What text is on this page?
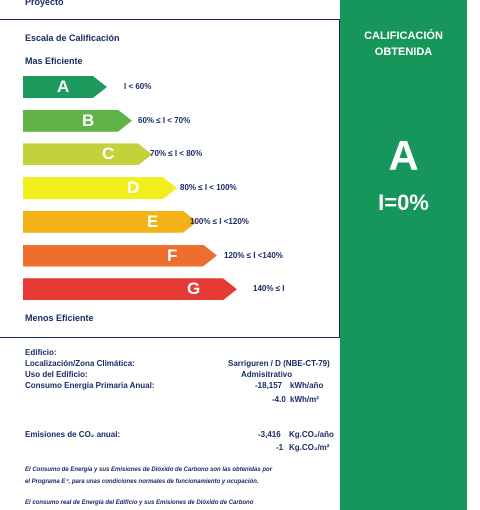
Proyecto
Escala de Calificación
Mas Eficiente
A	I < 60%
B	60% ≤ I < 70%
C	70% ≤ I < 80%
D	80% ≤ I < 100%
E	100% ≤ I <120%
F	120% ≤ I <140%
G	140% ≤ I
Menos Eficiente
CALIFICACIÓN
OBTENIDA
A
I=0%
Edificio:
Localización/Zona Climática:	Sarriguren / D (NBE-CT-79)
Uso del Edificio:	Admisitrativo
Consumo Energía Primaria Anual:	-18,157 kWh/año
-4.0 kWh/m²
Emisiones de CO₂ anual:	-3,416 Kg.CO₂/año
-1 Kg.CO₂/m²
El Consumo de Energía y sus Emisiones de Dióxido de Carbono son las obtenidas por
el Programa E⁺, para unas condiciones normales de funcionamiento y ocupación.
El consumo real de Energía del Edificio y sus Emisiones de Dióxido de Carbono
